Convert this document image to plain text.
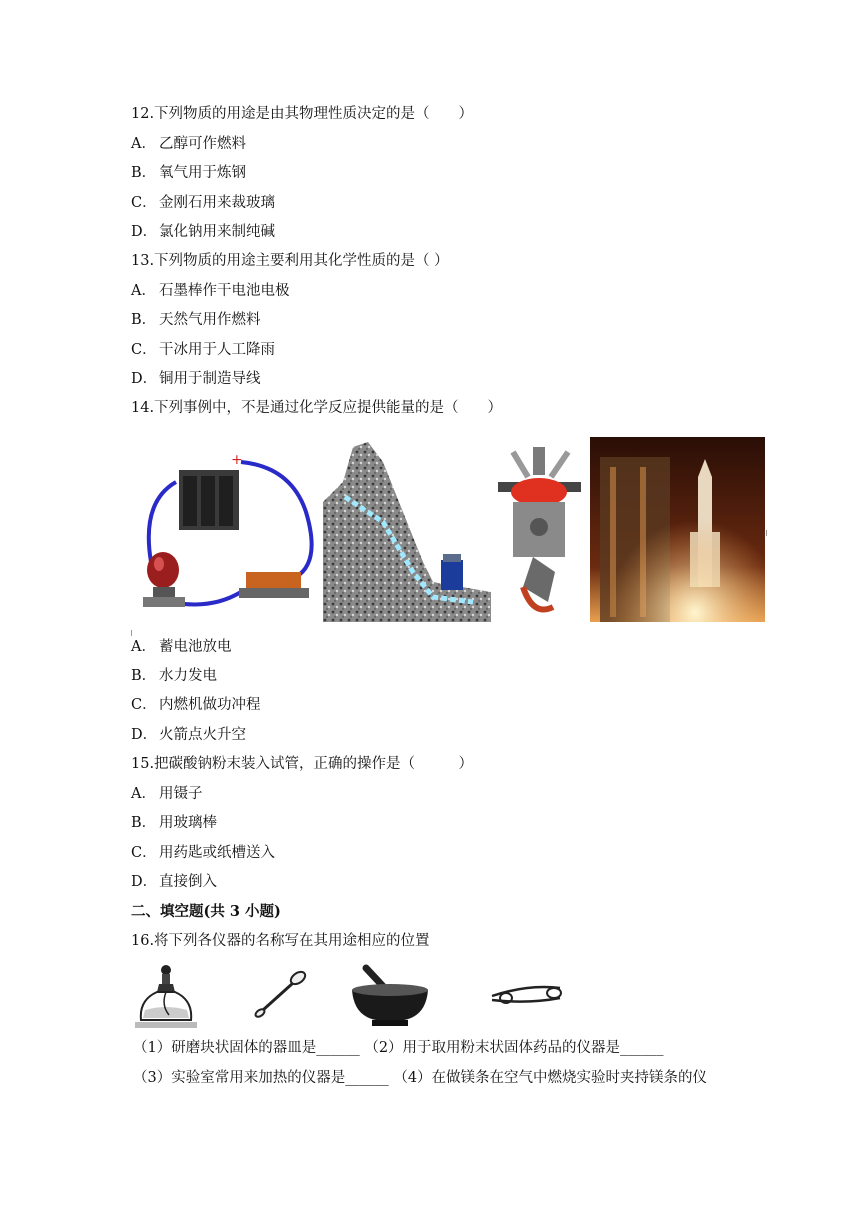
12.下列物质的用途是由其物理性质决定的是（　　）
A． 乙醇可作燃料
B． 氧气用于炼钢
C． 金刚石用来裁玻璃
D． 氯化钠用来制纯碱
13.下列物质的用途主要利用其化学性质的是（ ）
A． 石墨棒作干电池电极
B． 天然气用作燃料
C． 干冰用于人工降雨
D． 铜用于制造导线
14.下列事例中，不是通过化学反应提供能量的是（　　）
+
A． 蓄电池放电
B． 水力发电
C． 内燃机做功冲程
D． 火箭点火升空
15.把碳酸钠粉末装入试管，正确的操作是（　　　）
A． 用镊子
B． 用玻璃棒
C． 用药匙或纸槽送入
D． 直接倒入
二、填空题(共 3 小题)
16.将下列各仪器的名称写在其用途相应的位置
（1）研磨块状固体的器皿是______ （2）用于取用粉末状固体药品的仪器是______
（3）实验室常用来加热的仪器是______ （4）在做镁条在空气中燃烧实验时夹持镁条的仪
